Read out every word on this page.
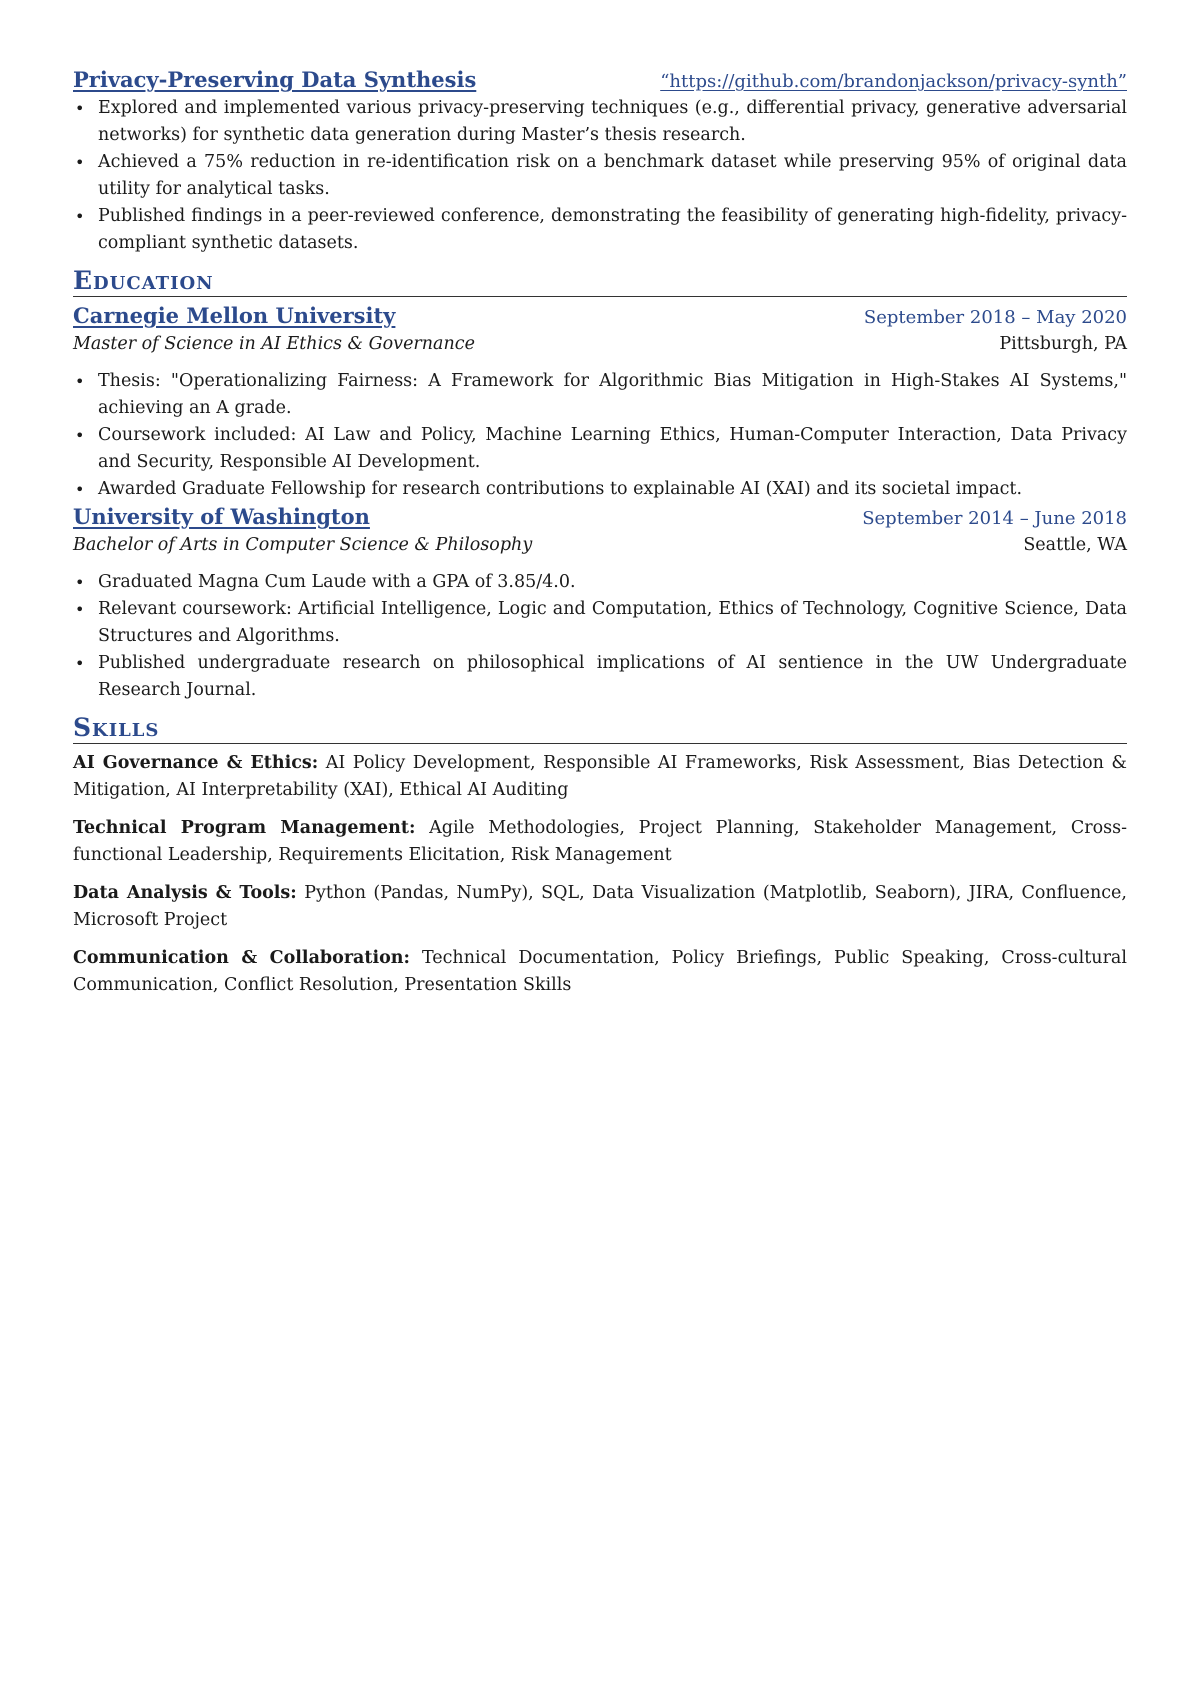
Privacy-Preserving Data Synthesis	“https://github.com/brandonjackson/privacy-synth”
• Explored and implemented various privacy-preserving techniques (e.g., differential privacy, generative adversarial networks) for synthetic data generation during Master’s thesis research.
• Achieved a 75% reduction in re-identification risk on a benchmark dataset while preserving 95% of original data utility for analytical tasks.
• Published findings in a peer-reviewed conference, demonstrating the feasibility of generating high-fidelity, privacy-compliant synthetic datasets.
Education
Carnegie Mellon University	September 2018 – May 2020
Master of Science in AI Ethics & Governance	Pittsburgh, PA
• Thesis: "Operationalizing Fairness: A Framework for Algorithmic Bias Mitigation in High-Stakes AI Systems," achieving an A grade.
• Coursework included: AI Law and Policy, Machine Learning Ethics, Human-Computer Interaction, Data Privacy and Security, Responsible AI Development.
• Awarded Graduate Fellowship for research contributions to explainable AI (XAI) and its societal impact.
University of Washington	September 2014 – June 2018
Bachelor of Arts in Computer Science & Philosophy	Seattle, WA
• Graduated Magna Cum Laude with a GPA of 3.85/4.0.
• Relevant coursework: Artificial Intelligence, Logic and Computation, Ethics of Technology, Cognitive Science, Data Structures and Algorithms.
• Published undergraduate research on philosophical implications of AI sentience in the UW Undergraduate Research Journal.
Skills
AI Governance & Ethics: AI Policy Development, Responsible AI Frameworks, Risk Assessment, Bias Detection & Mitigation, AI Interpretability (XAI), Ethical AI Auditing
Technical Program Management: Agile Methodologies, Project Planning, Stakeholder Management, Cross-functional Leadership, Requirements Elicitation, Risk Management
Data Analysis & Tools: Python (Pandas, NumPy), SQL, Data Visualization (Matplotlib, Seaborn), JIRA, Confluence, Microsoft Project
Communication & Collaboration: Technical Documentation, Policy Briefings, Public Speaking, Cross-cultural Communication, Conflict Resolution, Presentation Skills
